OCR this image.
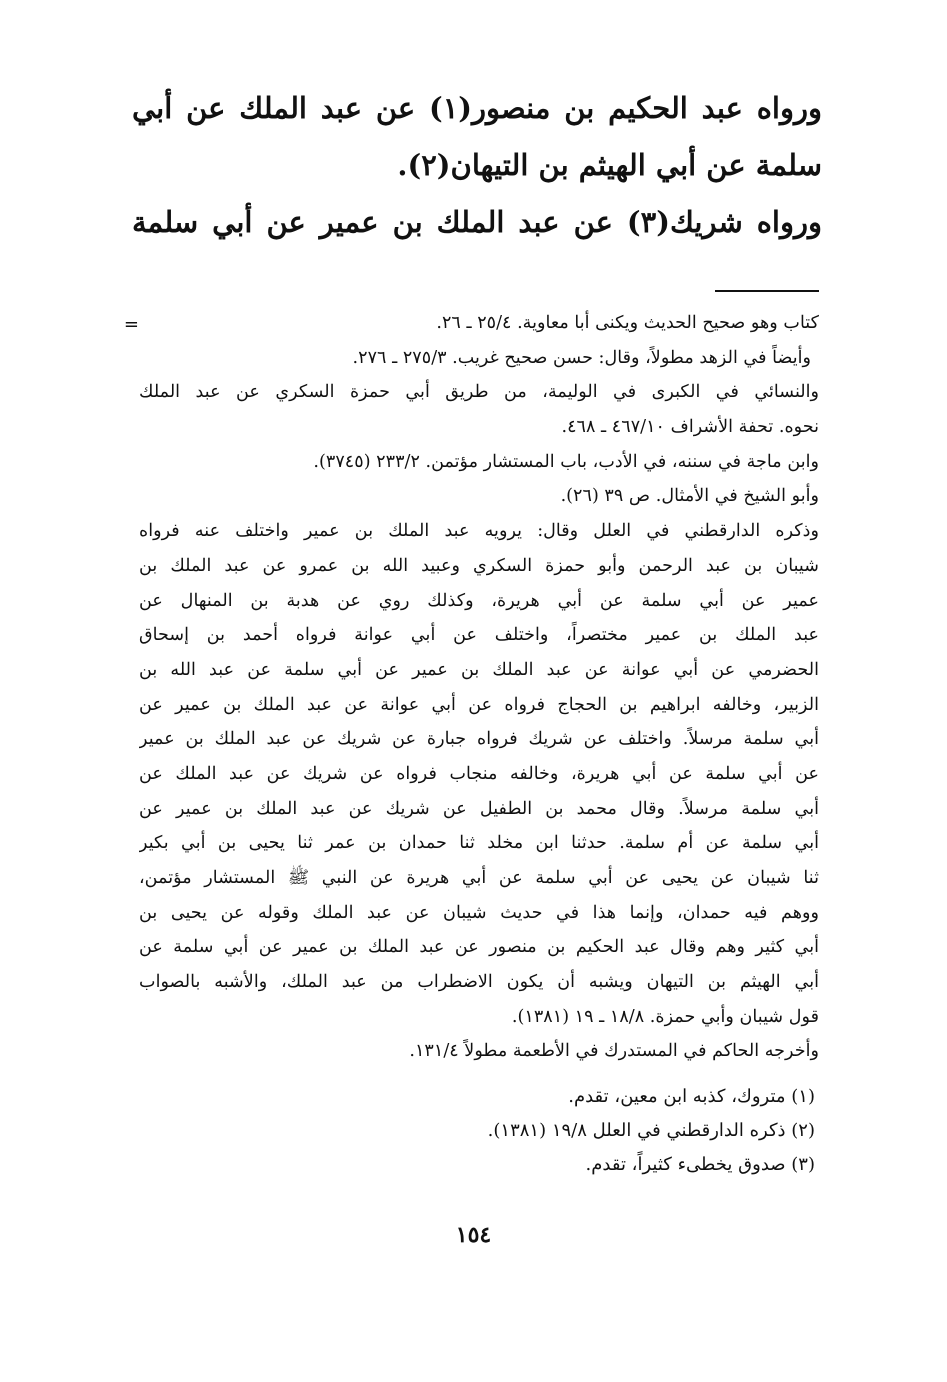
ورواه عبد الحكيم بن منصور(١) عن عبد الملك عن أبي
سلمة عن أبي الهيثم بن التيهان(٢).
ورواه شريك(٣) عن عبد الملك بن عمير عن أبي سلمة
=	كتاب وهو صحيح الحديث ويكنى أبا معاوية. ٢٥/٤ ـ ٢٦.
وأيضاً في الزهد مطولاً، وقال: حسن صحيح غريب. ٢٧٥/٣ ـ ٢٧٦.
والنسائي في الكبرى في الوليمة، من طريق أبي حمزة السكري عن عبد الملك
نحوه. تحفة الأشراف ٤٦٧/١٠ ـ ٤٦٨.
وابن ماجة في سننه، في الأدب، باب المستشار مؤتمن. ٢٣٣/٢ (٣٧٤٥).
وأبو الشيخ في الأمثال. ص ٣٩ (٢٦).
وذكره الدارقطني في العلل وقال: يرويه عبد الملك بن عمير واختلف عنه فرواه
شيبان بن عبد الرحمن وأبو حمزة السكري وعبيد الله بن عمرو عن عبد الملك بن
عمير عن أبي سلمة عن أبي هريرة، وكذلك روي عن هدبة بن المنهال عن
عبد الملك بن عمير مختصراً، واختلف عن أبي عوانة فرواه أحمد بن إسحاق
الحضرمي عن أبي عوانة عن عبد الملك بن عمير عن أبي سلمة عن عبد الله بن
الزبير، وخالفه ابراهيم بن الحجاج فرواه عن أبي عوانة عن عبد الملك بن عمير عن
أبي سلمة مرسلاً. واختلف عن شريك فرواه جبارة عن شريك عن عبد الملك بن عمير
عن أبي سلمة عن أبي هريرة، وخالفه منجاب فرواه عن شريك عن عبد الملك عن
أبي سلمة مرسلاً. وقال محمد بن الطفيل عن شريك عن عبد الملك بن عمير عن
أبي سلمة عن أم سلمة. حدثنا ابن مخلد ثنا حمدان بن عمر ثنا يحيى بن أبي بكير
ثنا شيبان عن يحيى عن أبي سلمة عن أبي هريرة عن النبي ﷺ المستشار مؤتمن،
ووهم فيه حمدان، وإنما هذا في حديث شيبان عن عبد الملك وقوله عن يحيى بن
أبي كثير وهم وقال عبد الحكيم بن منصور عن عبد الملك بن عمير عن أبي سلمة عن
أبي الهيثم بن التيهان ويشبه أن يكون الاضطراب من عبد الملك، والأشبه بالصواب
قول شيبان وأبي حمزة. ١٨/٨ ـ ١٩ (١٣٨١).
وأخرجه الحاكم في المستدرك في الأطعمة مطولاً ١٣١/٤.
(١) متروك، كذبه ابن معين، تقدم.
(٢) ذكره الدارقطني في العلل ١٩/٨ (١٣٨١).
(٣) صدوق يخطىء كثيراً، تقدم.
١٥٤
